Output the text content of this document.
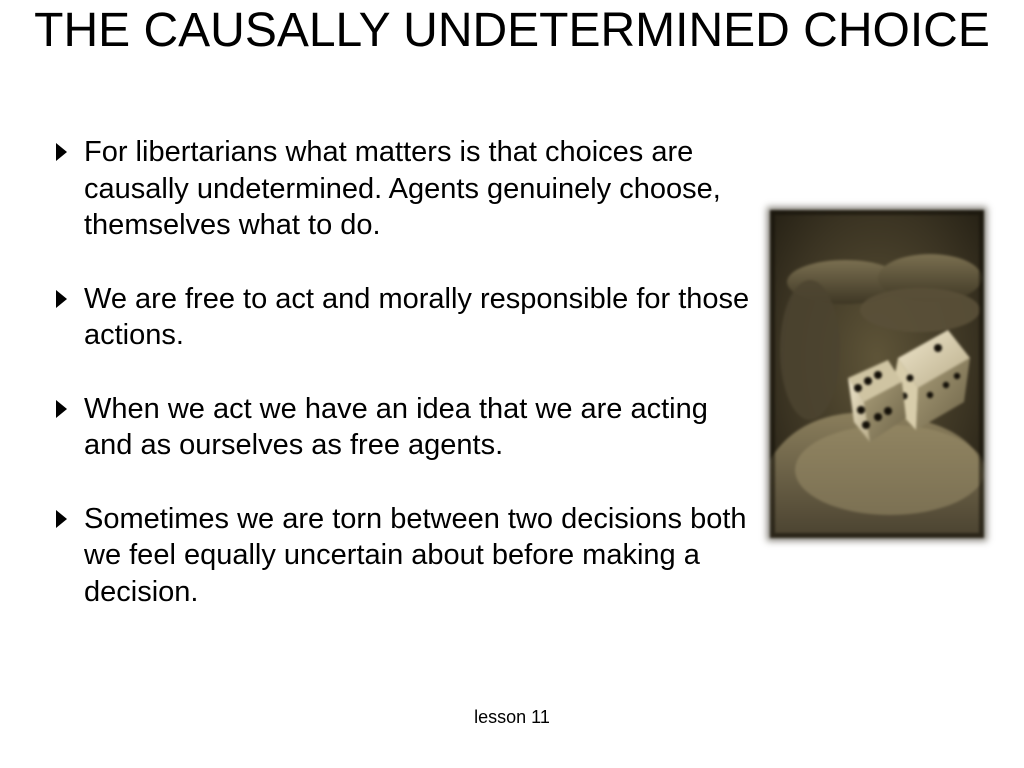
THE CAUSALLY UNDETERMINED CHOICE
For libertarians what matters is that choices are causally undetermined. Agents genuinely choose, themselves what to do.
We are free to act and morally responsible for those actions.
When we act we have an idea that we are acting and as ourselves as free agents.
Sometimes we are torn between two decisions both we feel equally uncertain about before making a decision.
lesson 11
